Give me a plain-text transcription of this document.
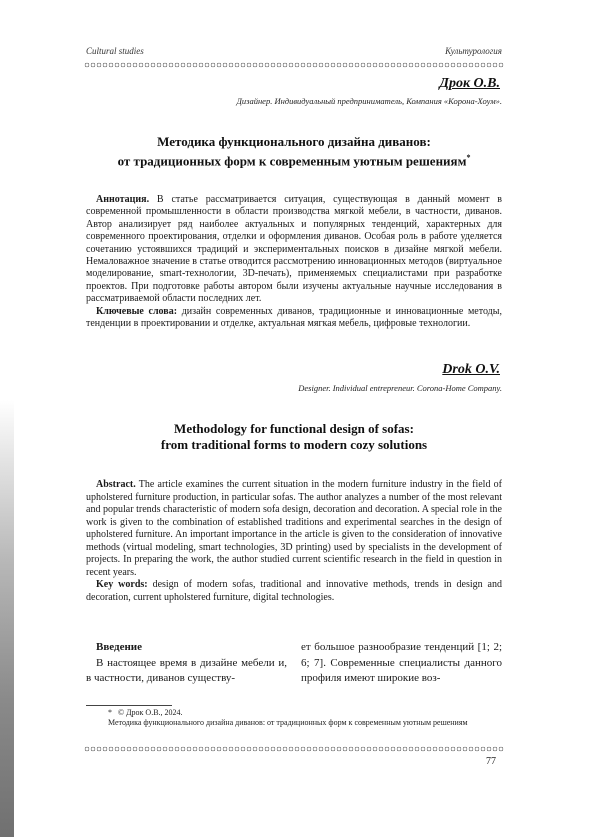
Cultural studies	Культурология
Дрок О.В.
Дизайнер. Индивидуальный предприниматель, Компания «Корона-Хоум».
Методика функционального дизайна диванов:
от традиционных форм к современным уютным решениям*

Аннотация. В статье рассматривается ситуация, существующая в данный момент в современной промышленности в области производства мягкой мебели, в частности, диванов. Автор анализирует ряд наиболее актуальных и популярных тенденций, характерных для современного проектирования, отделки и оформления диванов. Особая роль в работе уделяется сочетанию устоявшихся традиций и экспериментальных поисков в дизайне мягкой мебели. Немаловажное значение в статье отводится рассмотрению инновационных методов (виртуальное моделирование, smart-технологии, 3D-печать), применяемых специалистами при разработке проектов. При подготовке работы автором были изучены актуальные научные исследования в рассматриваемой области последних лет.

Ключевые слова: дизайн современных диванов, традиционные и инновационные методы, тенденции в проектировании и отделке, актуальная мягкая мебель, цифровые технологии.

Drok O.V.
Designer. Individual entrepreneur. Corona-Home Company.
Methodology for functional design of sofas:
from traditional forms to modern cozy solutions

Abstract. The article examines the current situation in the modern furniture industry in the field of upholstered furniture production, in particular sofas. The author analyzes a number of the most relevant and popular trends characteristic of modern sofa design, decoration and decoration. A special role in the work is given to the combination of established traditions and experimental searches in the design of upholstered furniture. An important importance in the article is given to the consideration of innovative methods (virtual modeling, smart technologies, 3D printing) used by specialists in the development of projects. In preparing the work, the author studied current scientific research in the field in question in recent years.

Key words: design of modern sofas, traditional and innovative methods, trends in design and decoration, current upholstered furniture, digital technologies.

Введение

В настоящее время в дизайне мебели и, в частности, диванов существу-

ет большое разнообразие тенденций [1; 2; 6; 7]. Современные специалисты данного профиля имеют широкие воз-

* © Дрок О.В., 2024.
Методика функционального дизайна диванов: от традиционных форм к современным уютным решениям
77
